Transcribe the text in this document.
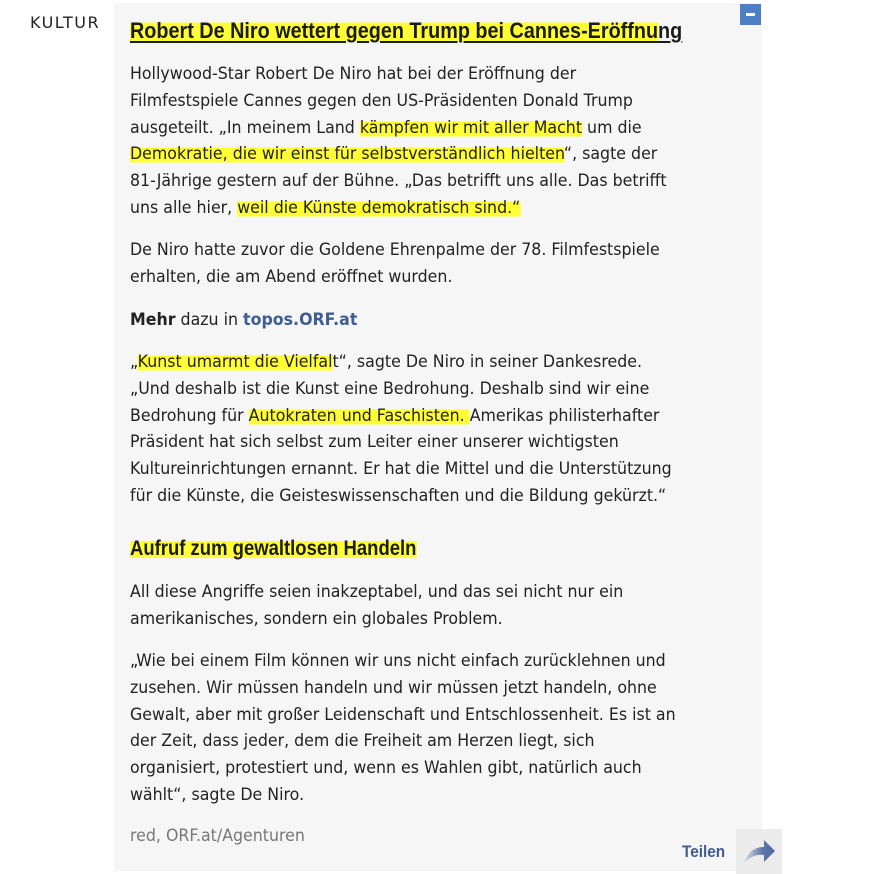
KULTUR Robert De Niro wettert gegen Trump bei Cannes-Eröffnung
Hollywood-Star Robert De Niro hat bei der Eröffnung der
Filmfestspiele Cannes gegen den US-Präsidenten Donald Trump
ausgeteilt. „In meinem Land kämpfen wir mit aller Macht um die
Demokratie, die wir einst für selbstverständlich hielten“, sagte der
81-Jährige gestern auf der Bühne. „Das betrifft uns alle. Das betrifft
uns alle hier, weil die Künste demokratisch sind.“
De Niro hatte zuvor die Goldene Ehrenpalme der 78. Filmfestspiele
erhalten, die am Abend eröffnet wurden.
Mehr dazu in topos.ORF.at
„Kunst umarmt die Vielfalt“, sagte De Niro in seiner Dankesrede.
„Und deshalb ist die Kunst eine Bedrohung. Deshalb sind wir eine
Bedrohung für Autokraten und Faschisten. Amerikas philisterhafter
Präsident hat sich selbst zum Leiter einer unserer wichtigsten
Kultureinrichtungen ernannt. Er hat die Mittel und die Unterstützung
für die Künste, die Geisteswissenschaften und die Bildung gekürzt.“
Aufruf zum gewaltlosen Handeln
All diese Angriffe seien inakzeptabel, und das sei nicht nur ein
amerikanisches, sondern ein globales Problem.
„Wie bei einem Film können wir uns nicht einfach zurücklehnen und
zusehen. Wir müssen handeln und wir müssen jetzt handeln, ohne
Gewalt, aber mit großer Leidenschaft und Entschlossenheit. Es ist an
der Zeit, dass jeder, dem die Freiheit am Herzen liegt, sich
organisiert, protestiert und, wenn es Wahlen gibt, natürlich auch
wählt“, sagte De Niro.
red, ORF.at/Agenturen
Teilen
